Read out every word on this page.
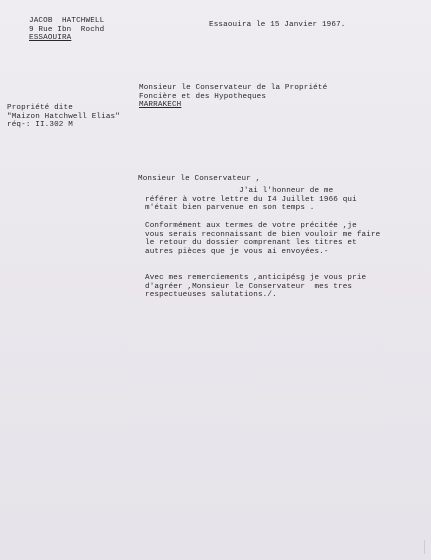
JACOB  HATCHWELL
9 Rue Ibn  Rochd
ESSAOUIRA
Essaouira le 15 Janvier 1967.
Monsieur le Conservateur de la Propriété
Foncière et des Hypotheques
MARRAKECH
Propriété dite
"Maizon Hatchwell Elias"
réq-: II.302 M
Monsieur le Conservateur ,
J'ai l'honneur de me
référer à votre lettre du I4 Juillet 1966 qui
m'était bien parvenue en son temps .
Conformément aux termes de votre précitée ,je
vous serais reconnaissant de bien vouloir me faire
le retour du dossier comprenant les titres et
autres pièces que je vous ai envoyées.-
Avec mes remerciements ,anticipésg je vous prie
d'agréer ,Monsieur le Conservateur  mes tres
respectueuses salutations./.
